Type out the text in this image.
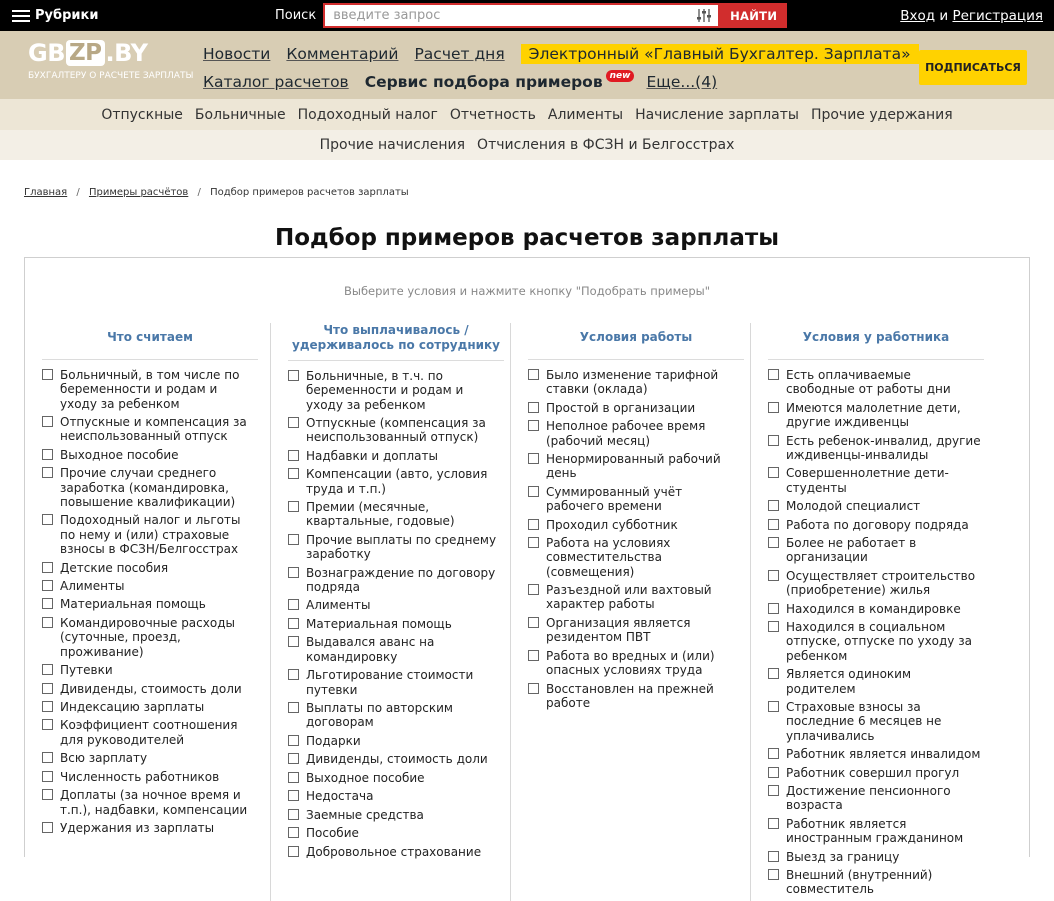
Рубрики	Поиск
введите запрос	НАЙТИ	Вход и Регистрация
GB ZP .BY
БУХГАЛТЕРУ О РАСЧЕТЕ ЗАРПЛАТЫ
Новости Комментарий Расчет дня	Электронный «Главный Бухгалтер. Зарплата»
Каталог расчетов Сервис подбора примеров new Еще...(4)
ПОДПИСАТЬСЯ
Отпускные Больничные Подоходный налог Отчетность Алименты Начисление зарплаты Прочие удержания
Прочие начисления Отчисления в ФСЗН и Белгосстрах
Главная / Примеры расчётов / Подбор примеров расчетов зарплаты
Подбор примеров расчетов зарплаты
Выберите условия и нажмите кнопку "Подобрать примеры"
Что считаем
Больничный, в том числе по беременности и родам и уходу за ребенком
Отпускные и компенсация за неиспользованный отпуск
Выходное пособие
Прочие случаи среднего заработка (командировка, повышение квалификации)
Подоходный налог и льготы по нему и (или) страховые взносы в ФСЗН/Белгосстрах
Детские пособия
Алименты
Материальная помощь
Командировочные расходы (суточные, проезд, проживание)
Путевки
Дивиденды, стоимость доли
Индексацию зарплаты
Коэффициент соотношения для руководителей
Всю зарплату
Численность работников
Доплаты (за ночное время и т.п.), надбавки, компенсации
Удержания из зарплаты
Что выплачивалось / удерживалось по сотруднику
Больничные, в т.ч. по беременности и родам и уходу за ребенком
Отпускные (компенсация за неиспользованный отпуск)
Надбавки и доплаты
Компенсации (авто, условия труда и т.п.)
Премии (месячные, квартальные, годовые)
Прочие выплаты по среднему заработку
Вознаграждение по договору подряда
Алименты
Материальная помощь
Выдавался аванс на командировку
Льготирование стоимости путевки
Выплаты по авторским договорам
Подарки
Дивиденды, стоимость доли
Выходное пособие
Недостача
Заемные средства
Пособие
Добровольное страхование
Условия работы
Было изменение тарифной ставки (оклада)
Простой в организации
Неполное рабочее время (рабочий месяц)
Ненормированный рабочий день
Суммированный учёт рабочего времени
Проходил субботник
Работа на условиях совместительства (совмещения)
Разъездной или вахтовый характер работы
Организация является резидентом ПВТ
Работа во вредных и (или) опасных условиях труда
Восстановлен на прежней работе
Условия у работника
Есть оплачиваемые свободные от работы дни
Имеются малолетние дети, другие иждивенцы
Есть ребенок-инвалид, другие иждивенцы-инвалиды
Совершеннолетние дети-студенты
Молодой специалист
Работа по договору подряда
Более не работает в организации
Осуществляет строительство (приобретение) жилья
Находился в командировке
Находился в социальном отпуске, отпуске по уходу за ребенком
Является одиноким родителем
Страховые взносы за последние 6 месяцев не уплачивались
Работник является инвалидом
Работник совершил прогул
Достижение пенсионного возраста
Работник является иностранным гражданином
Выезд за границу
Внешний (внутренний) совместитель
